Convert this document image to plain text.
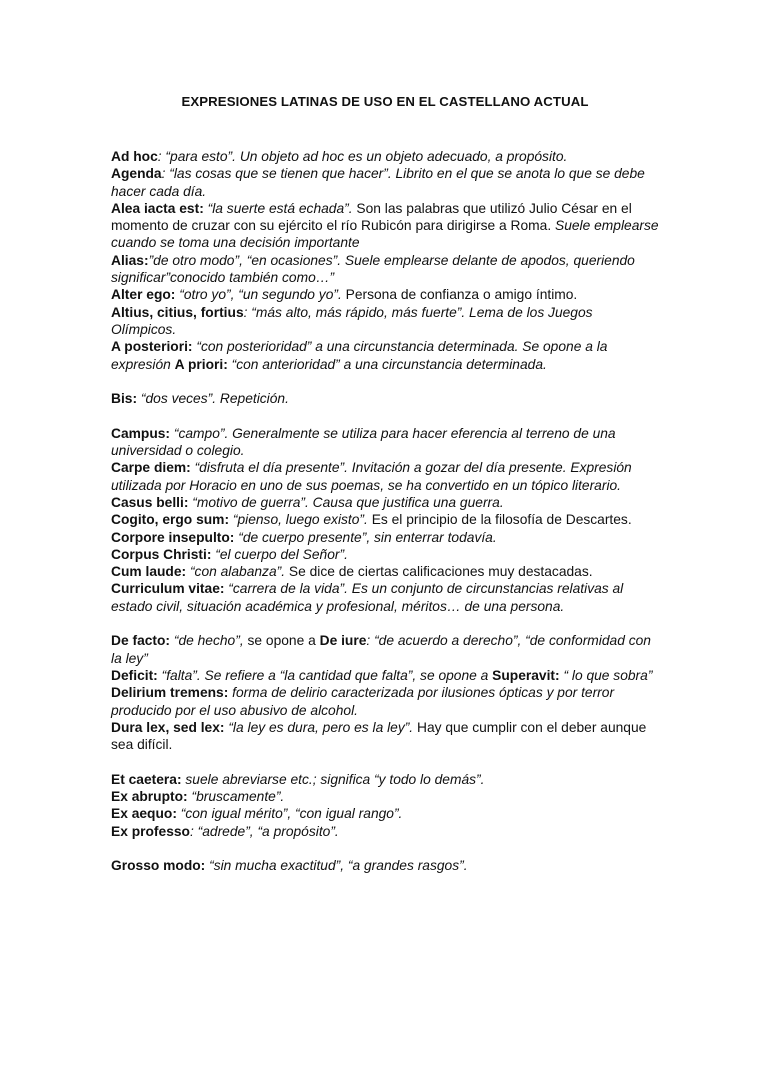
EXPRESIONES LATINAS DE USO EN EL CASTELLANO ACTUAL

Ad hoc: “para esto”. Un objeto ad hoc es un objeto adecuado, a propósito.

Agenda: “las cosas que se tienen que hacer”. Librito en el que se anota lo que se debe hacer cada día.

Alea iacta est: “la suerte está echada”. Son las palabras que utilizó Julio César en el momento de cruzar con su ejército el río Rubicón para dirigirse a Roma. Suele emplearse cuando se toma una decisión importante

Alias:”de otro modo”, “en ocasiones”. Suele emplearse delante de apodos, queriendo significar”conocido también como…”

Alter ego: “otro yo”, “un segundo yo”. Persona de confianza o amigo íntimo.

Altius, citius, fortius: “más alto, más rápido, más fuerte”. Lema de los Juegos Olímpicos.

A posteriori: “con posterioridad” a una circunstancia determinada. Se opone a la expresión A priori: “con anterioridad” a una circunstancia determinada.

Bis: “dos veces”. Repetición.

Campus: “campo”. Generalmente se utiliza para hacer eferencia al terreno de una universidad o colegio.

Carpe diem: “disfruta el día presente”. Invitación a gozar del día presente. Expresión utilizada por Horacio en uno de sus poemas, se ha convertido en un tópico literario.

Casus belli: “motivo de guerra”. Causa que justifica una guerra.

Cogito, ergo sum: “pienso, luego existo”. Es el principio de la filosofía de Descartes.

Corpore insepulto: “de cuerpo presente”, sin enterrar todavía.

Corpus Christi: “el cuerpo del Señor”.

Cum laude: “con alabanza”. Se dice de ciertas calificaciones muy destacadas.

Curriculum vitae: “carrera de la vida”. Es un conjunto de circunstancias relativas al estado civil, situación académica y profesional, méritos… de una persona.

De facto: “de hecho”, se opone a De iure: “de acuerdo a derecho”, “de conformidad con la ley”

Deficit: “falta”. Se refiere a “la cantidad que falta”, se opone a Superavit: “ lo que sobra”

Delirium tremens: forma de delirio caracterizada por ilusiones ópticas y por terror producido por el uso abusivo de alcohol.

Dura lex, sed lex: “la ley es dura, pero es la ley”. Hay que cumplir con el deber aunque sea difícil.

Et caetera: suele abreviarse etc.; significa “y todo lo demás”.

Ex abrupto: “bruscamente”.

Ex aequo: “con igual mérito”, “con igual rango”.

Ex professo: “adrede”, “a propósito”.

Grosso modo: “sin mucha exactitud”, “a grandes rasgos”.
